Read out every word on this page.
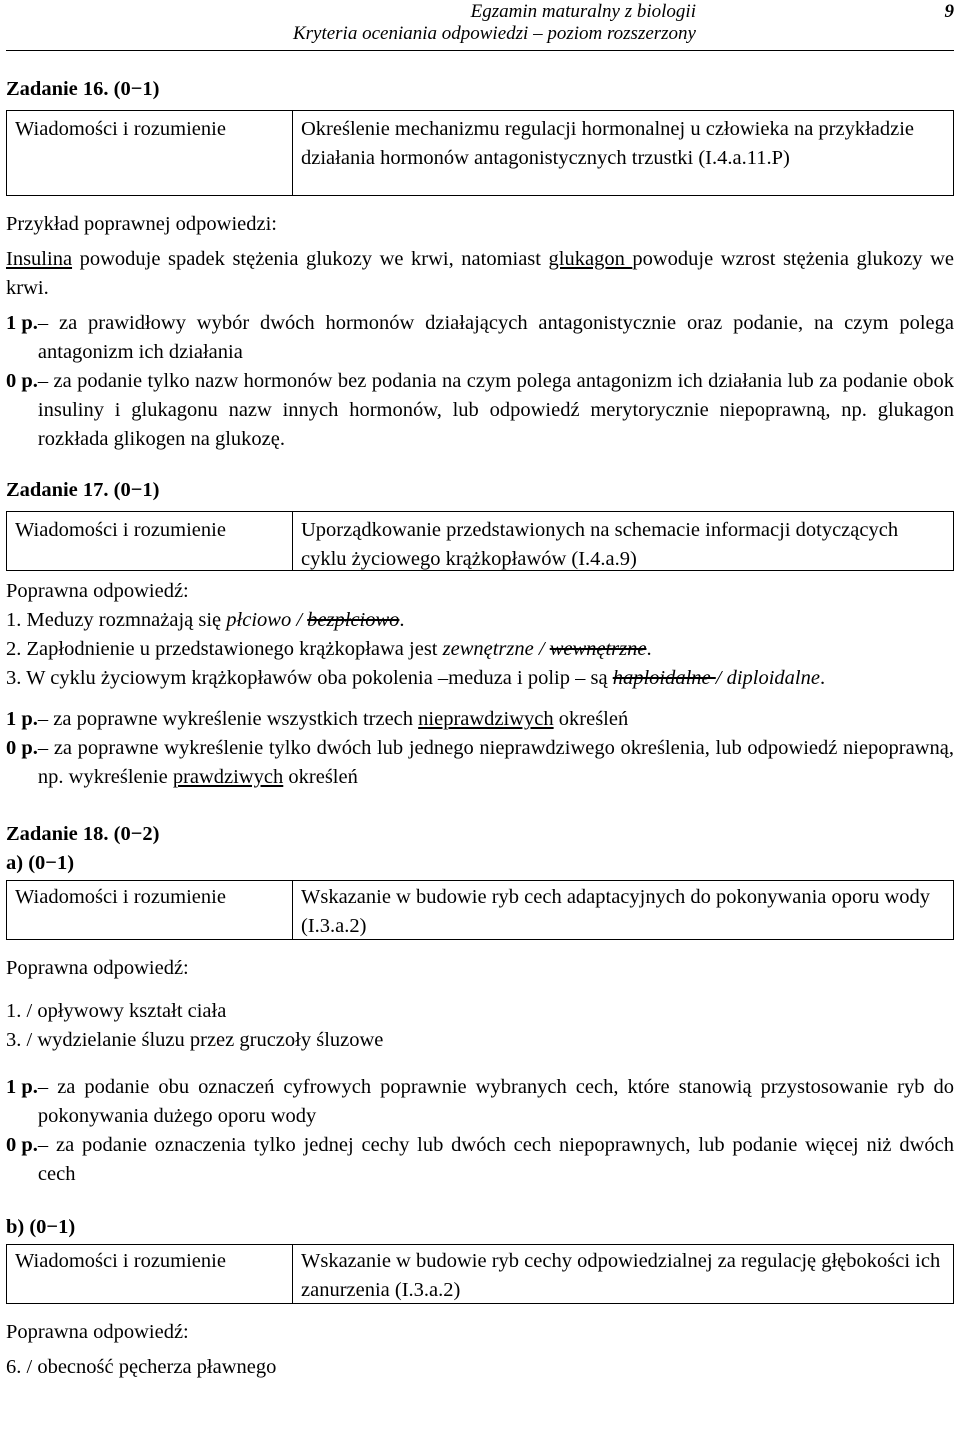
Egzamin maturalny z biologii
Kryteria oceniania odpowiedzi – poziom rozszerzony
9

Zadanie 16. (0−1)

Wiadomości i rozumienie	Określenie mechanizmu regulacji hormonalnej u człowieka na przykładzie działania hormonów antagonistycznych trzustki (I.4.a.11.P)

Przykład poprawnej odpowiedzi:

Insulina powoduje spadek stężenia glukozy we krwi, natomiast glukagon powoduje wzrost stężenia glukozy we krwi.

1 p. – za prawidłowy wybór dwóch hormonów działających antagonistycznie oraz podanie, na czym polega antagonizm ich działania
0 p. – za podanie tylko nazw hormonów bez podania na czym polega antagonizm ich działania lub za podanie obok insuliny i glukagonu nazw innych hormonów, lub odpowiedź merytorycznie niepoprawną, np. glukagon rozkłada glikogen na glukozę.

Zadanie 17. (0−1)

Wiadomości i rozumienie	Uporządkowanie przedstawionych na schemacie informacji dotyczących cyklu życiowego krążkopławów (I.4.a.9)

Poprawna odpowiedź:

1. Meduzy rozmnażają się płciowo / bezpłciowo.

2. Zapłodnienie u przedstawionego krążkopława jest zewnętrzne / wewnętrzne.

3. W cyklu życiowym krążkopławów oba pokolenia –meduza i polip – są haploidalne / diploidalne.

1 p. – za poprawne wykreślenie wszystkich trzech nieprawdziwych określeń
0 p. – za poprawne wykreślenie tylko dwóch lub jednego nieprawdziwego określenia, lub odpowiedź niepoprawną, np. wykreślenie prawdziwych określeń

Zadanie 18. (0−2)

a) (0−1)

Wiadomości i rozumienie	Wskazanie w budowie ryb cech adaptacyjnych do pokonywania oporu wody (I.3.a.2)

Poprawna odpowiedź:

1. / opływowy kształt ciała

3. / wydzielanie śluzu przez gruczoły śluzowe

1 p. – za podanie obu oznaczeń cyfrowych poprawnie wybranych cech, które stanowią przystosowanie ryb do pokonywania dużego oporu wody
0 p. – za podanie oznaczenia tylko jednej cechy lub dwóch cech niepoprawnych, lub podanie więcej niż dwóch cech

b) (0−1)

Wiadomości i rozumienie	Wskazanie w budowie ryb cechy odpowiedzialnej za regulację głębokości ich zanurzenia (I.3.a.2)

Poprawna odpowiedź:

6. / obecność pęcherza pławnego
